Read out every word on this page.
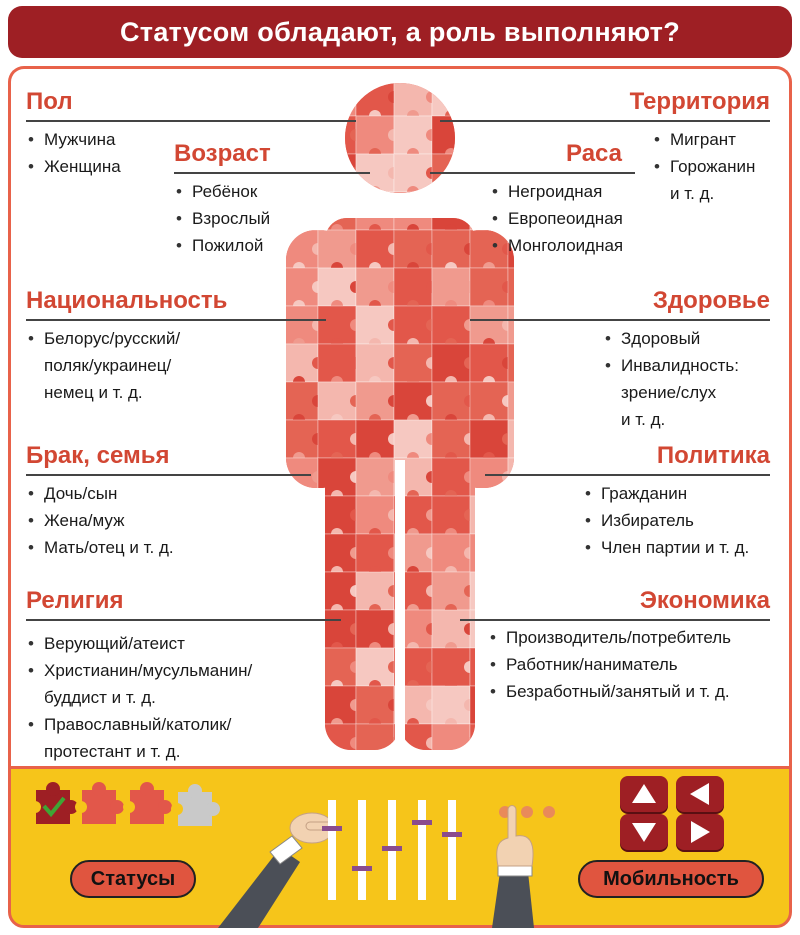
Статусом обладают, а роль выполняют?
Пол
• Мужчина
• Женщина Возраст
• Ребёнок
• Взрослый
• Пожилой
Национальность
• Белорус/русский/
поляк/украинец/
немец и т. д.
Брак, семья
• Дочь/сын
• Жена/муж
• Мать/отец и т. д.
Религия
• Верующий/атеист
• Христианин/мусульманин/
буддист и т. д.
• Православный/католик/
протестант и т. д.
Территория
• Мигрант
• Горожанин
и т. д.
Раса
• Негроидная
• Европеоидная
• Монголоидная
Здоровье
• Здоровый
• Инвалидность:
зрение/слух
и т. д.
Политика
• Гражданин
• Избиратель
• Член партии и т. д.
Экономика
• Производитель/потребитель
• Работник/наниматель
• Безработный/занятый и т. д.
Статусы	Мобильность
